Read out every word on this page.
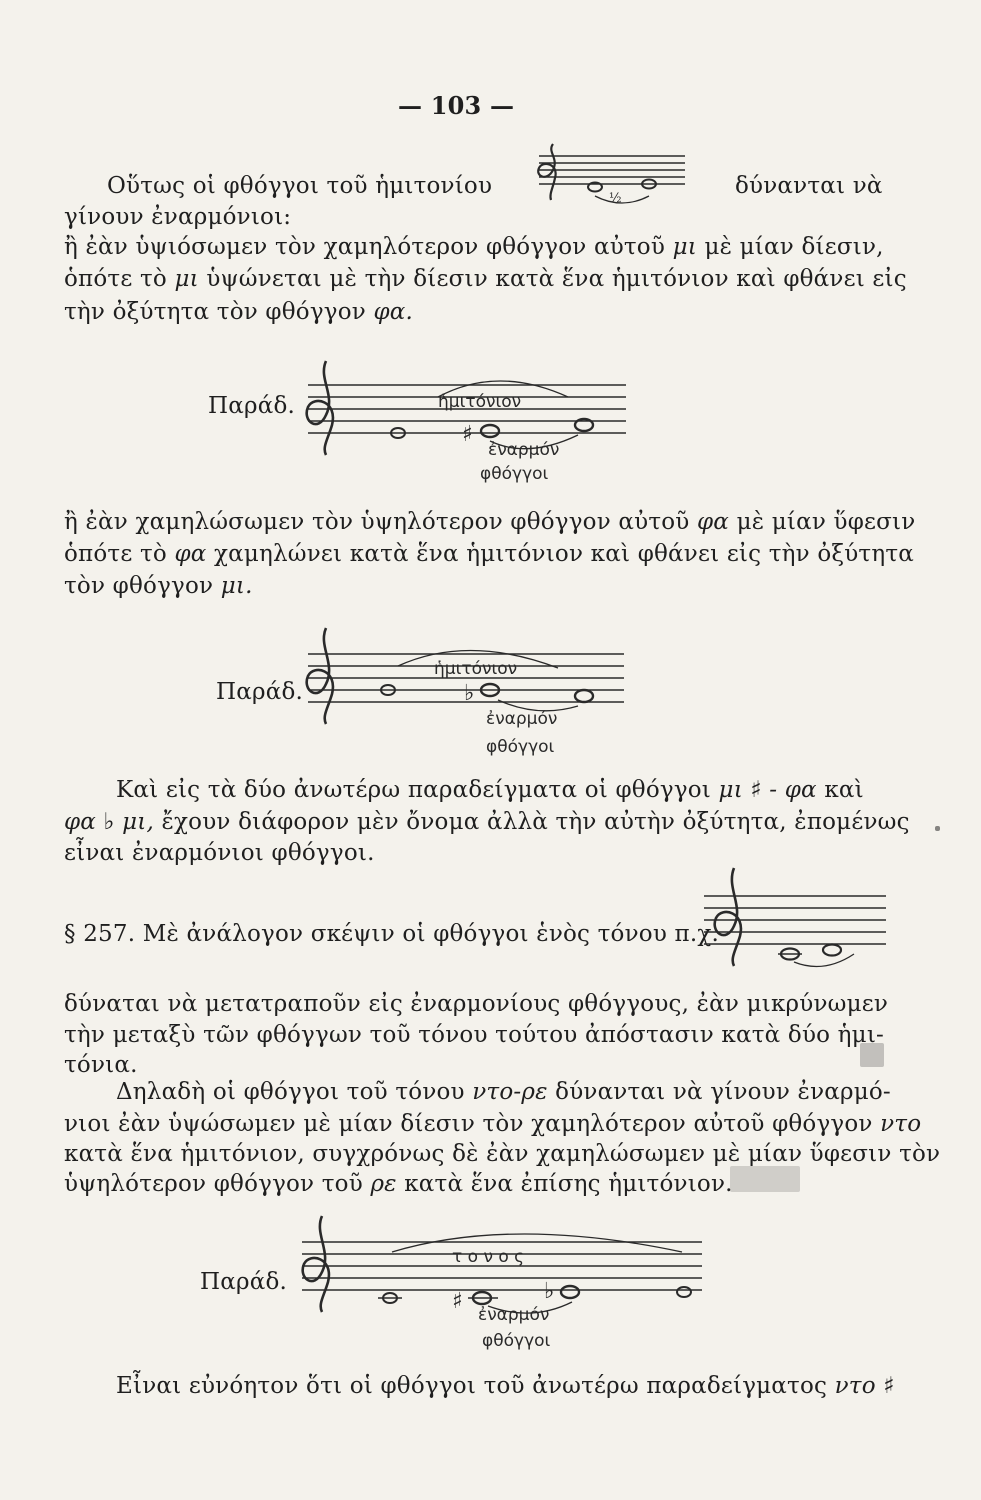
— 103 —
Οὕτως οἱ φθόγγοι τοῦ ἡμιτονίου	½	δύνανται νὰ
γίνουν ἐναρμόνιοι:
ἢ ἐὰν ὑψιόσωμεν τὸν χαμηλότερον φθόγγον αὐτοῦ μι μὲ μίαν δίεσιν,
ὁπότε τὸ μι ὑψώνεται μὲ τὴν δίεσιν κατὰ ἕνα ἡμιτόνιον καὶ φθάνει εἰς
τὴν ὀξύτητα τὸν φθόγγον φα.
Παράδ.	ἡμιτόνιον
♯
ἐναρμόν
φθόγγοι
ἢ ἐὰν χαμηλώσωμεν τὸν ὑψηλότερον φθόγγον αὐτοῦ φα μὲ μίαν ὕφεσιν
ὁπότε τὸ φα χαμηλώνει κατὰ ἕνα ἡμιτόνιον καὶ φθάνει εἰς τὴν ὀξύτητα
τὸν φθόγγον μι.
Παράδ.
ἡμιτόνιον
♭
ἐναρμόν
φθόγγοι
Καὶ εἰς τὰ δύο ἀνωτέρω παραδείγματα οἱ φθόγγοι μι ♯ - φα καὶ
φα ♭ μι, ἔχουν διάφορον μὲν ὄνομα ἀλλὰ τὴν αὐτὴν ὀξύτητα, ἐπομένως
εἶναι ἐναρμόνιοι φθόγγοι.
§ 257. Μὲ ἀνάλογον σκέψιν οἱ φθόγγοι ἑνὸς τόνου π.χ.
δύναται νὰ μετατραποῦν εἰς ἐναρμονίους φθόγγους, ἐὰν μικρύνωμεν
τὴν μεταξὺ τῶν φθόγγων τοῦ τόνου τούτου ἀπόστασιν κατὰ δύο ἡμι-
τόνια.
Δηλαδὴ οἱ φθόγγοι τοῦ τόνου ντο-ρε δύνανται νὰ γίνουν ἐναρμό-
νιοι ἐὰν ὑψώσωμεν μὲ μίαν δίεσιν τὸν χαμηλότερον αὐτοῦ φθόγγον ντο
κατὰ ἕνα ἡμιτόνιον, συγχρόνως δὲ ἐὰν χαμηλώσωμεν μὲ μίαν ὕφεσιν τὸν
ὑψηλότερον φθόγγον τοῦ ρε κατὰ ἕνα ἐπίσης ἡμιτόνιον.
Παράδ.
τ ο ν ο ς
♯	♭
ἐναρμόν
φθόγγοι
Εἶναι εὐνόητον ὅτι οἱ φθόγγοι τοῦ ἀνωτέρω παραδείγματος ντο ♯
